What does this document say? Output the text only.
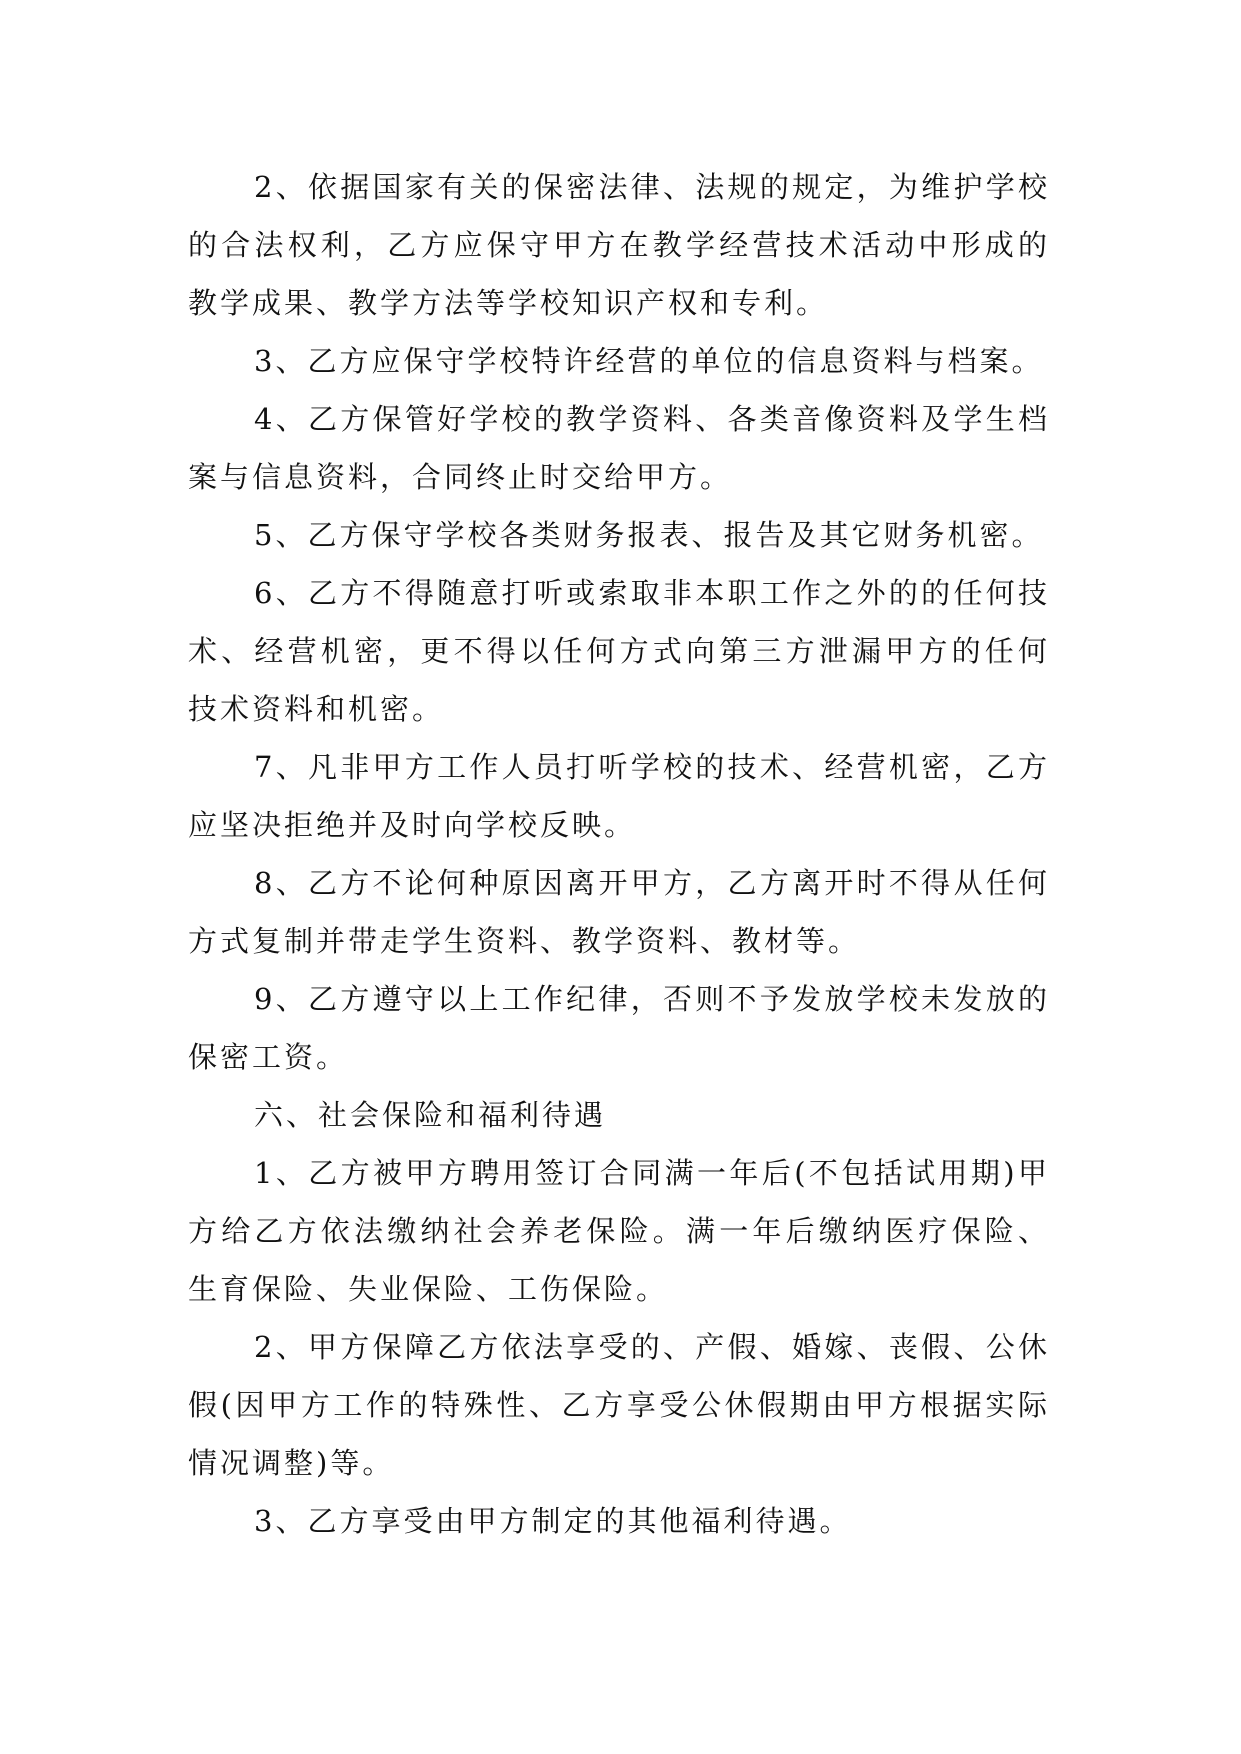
2、依据国家有关的保密法律、法规的规定，为维护学校的合法权利，乙方应保守甲方在教学经营技术活动中形成的教学成果、教学方法等学校知识产权和专利。

3、乙方应保守学校特许经营的单位的信息资料与档案。

4、乙方保管好学校的教学资料、各类音像资料及学生档案与信息资料，合同终止时交给甲方。

5、乙方保守学校各类财务报表、报告及其它财务机密。

6、乙方不得随意打听或索取非本职工作之外的的任何技术、经营机密，更不得以任何方式向第三方泄漏甲方的任何技术资料和机密。

7、凡非甲方工作人员打听学校的技术、经营机密，乙方应坚决拒绝并及时向学校反映。

8、乙方不论何种原因离开甲方，乙方离开时不得从任何方式复制并带走学生资料、教学资料、教材等。

9、乙方遵守以上工作纪律，否则不予发放学校未发放的保密工资。

六、社会保险和福利待遇

1、乙方被甲方聘用签订合同满一年后(不包括试用期)甲方给乙方依法缴纳社会养老保险。满一年后缴纳医疗保险、生育保险、失业保险、工伤保险。

2、甲方保障乙方依法享受的、产假、婚嫁、丧假、公休假(因甲方工作的特殊性、乙方享受公休假期由甲方根据实际情况调整)等。

3、乙方享受由甲方制定的其他福利待遇。
